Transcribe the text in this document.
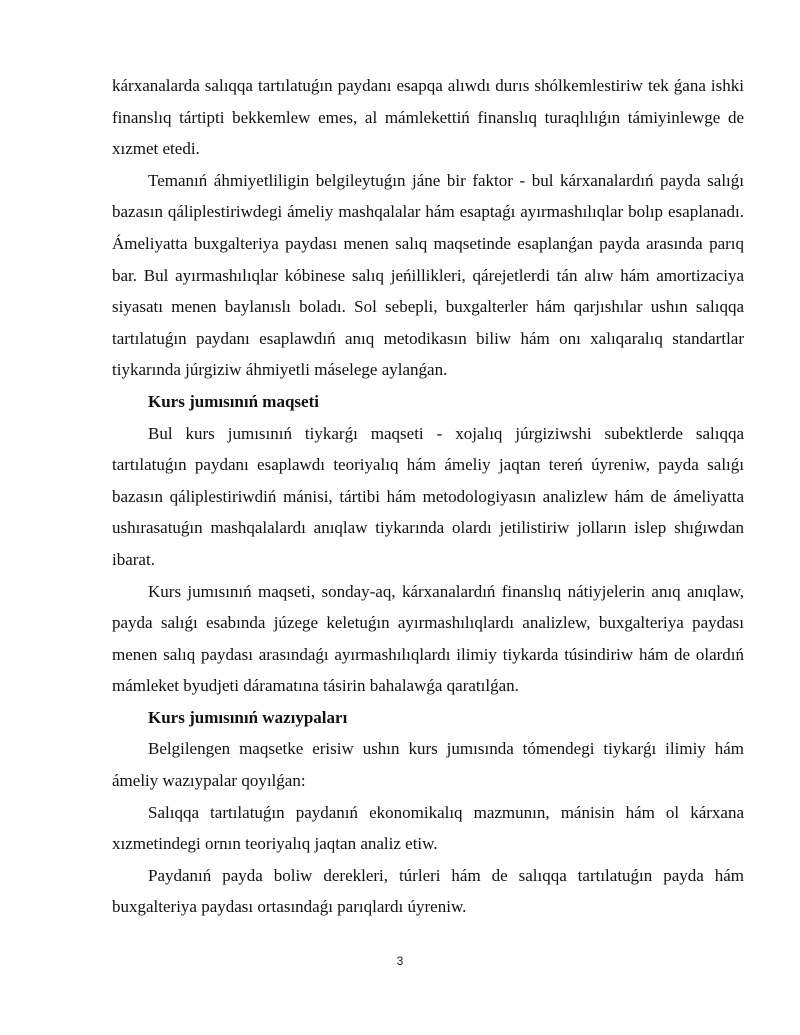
kárxanalarda salıqqa tartılatuǵın paydanı esapqa alıwdı durıs shólkemlestiriw tek ǵana ishki finanslıq tártipti bekkemlew emes, al mámlekettiń finanslıq turaqlılıǵın támiyinlewge de xızmet etedi.

Temanıń áhmiyetliligin belgileytuǵın jáne bir faktor - bul kárxanalardıń payda salıǵı bazasın qáliplestiriwdegi ámeliy mashqalalar hám esaptaǵı ayırmashılıqlar bolıp esaplanadı. Ámeliyatta buxgalteriya paydası menen salıq maqsetinde esaplanǵan payda arasında parıq bar. Bul ayırmashılıqlar kóbinese salıq jeńillikleri, qárejetlerdi tán alıw hám amortizaciya siyasatı menen baylanıslı boladı. Sol sebepli, buxgalterler hám qarjıshılar ushın salıqqa tartılatuǵın paydanı esaplawdıń anıq metodikasın biliw hám onı xalıqaralıq standartlar tiykarında júrgiziw áhmiyetli máselege aylanǵan.

Kurs jumısınıń maqseti

Bul kurs jumısınıń tiykarǵı maqseti - xojalıq júrgiziwshi subektlerde salıqqa tartılatuǵın paydanı esaplawdı teoriyalıq hám ámeliy jaqtan tereń úyreniw, payda salıǵı bazasın qáliplestiriwdiń mánisi, tártibi hám metodologiyasın analizlew hám de ámeliyatta ushırasatuǵın mashqalalardı anıqlaw tiykarında olardı jetilistiriw jolların islep shıǵıwdan ibarat.

Kurs jumısınıń maqseti, sonday-aq, kárxanalardıń finanslıq nátiyjelerin anıq anıqlaw, payda salıǵı esabında júzege keletuǵın ayırmashılıqlardı analizlew, buxgalteriya paydası menen salıq paydası arasındaǵı ayırmashılıqlardı ilimiy tiykarda túsindiriw hám de olardıń mámleket byudjeti dáramatına tásirin bahalawǵa qaratılǵan.

Kurs jumısınıń wazıypaları

Belgilengen maqsetke erisiw ushın kurs jumısında tómendegi tiykarǵı ilimiy hám ámeliy wazıypalar qoyılǵan:

Salıqqa tartılatuǵın paydanıń ekonomikalıq mazmunın, mánisin hám ol kárxana xızmetindegi ornın teoriyalıq jaqtan analiz etiw.

Paydanıń payda boliw derekleri, túrleri hám de salıqqa tartılatuǵın payda hám buxgalteriya paydası ortasındaǵı parıqlardı úyreniw.

3
